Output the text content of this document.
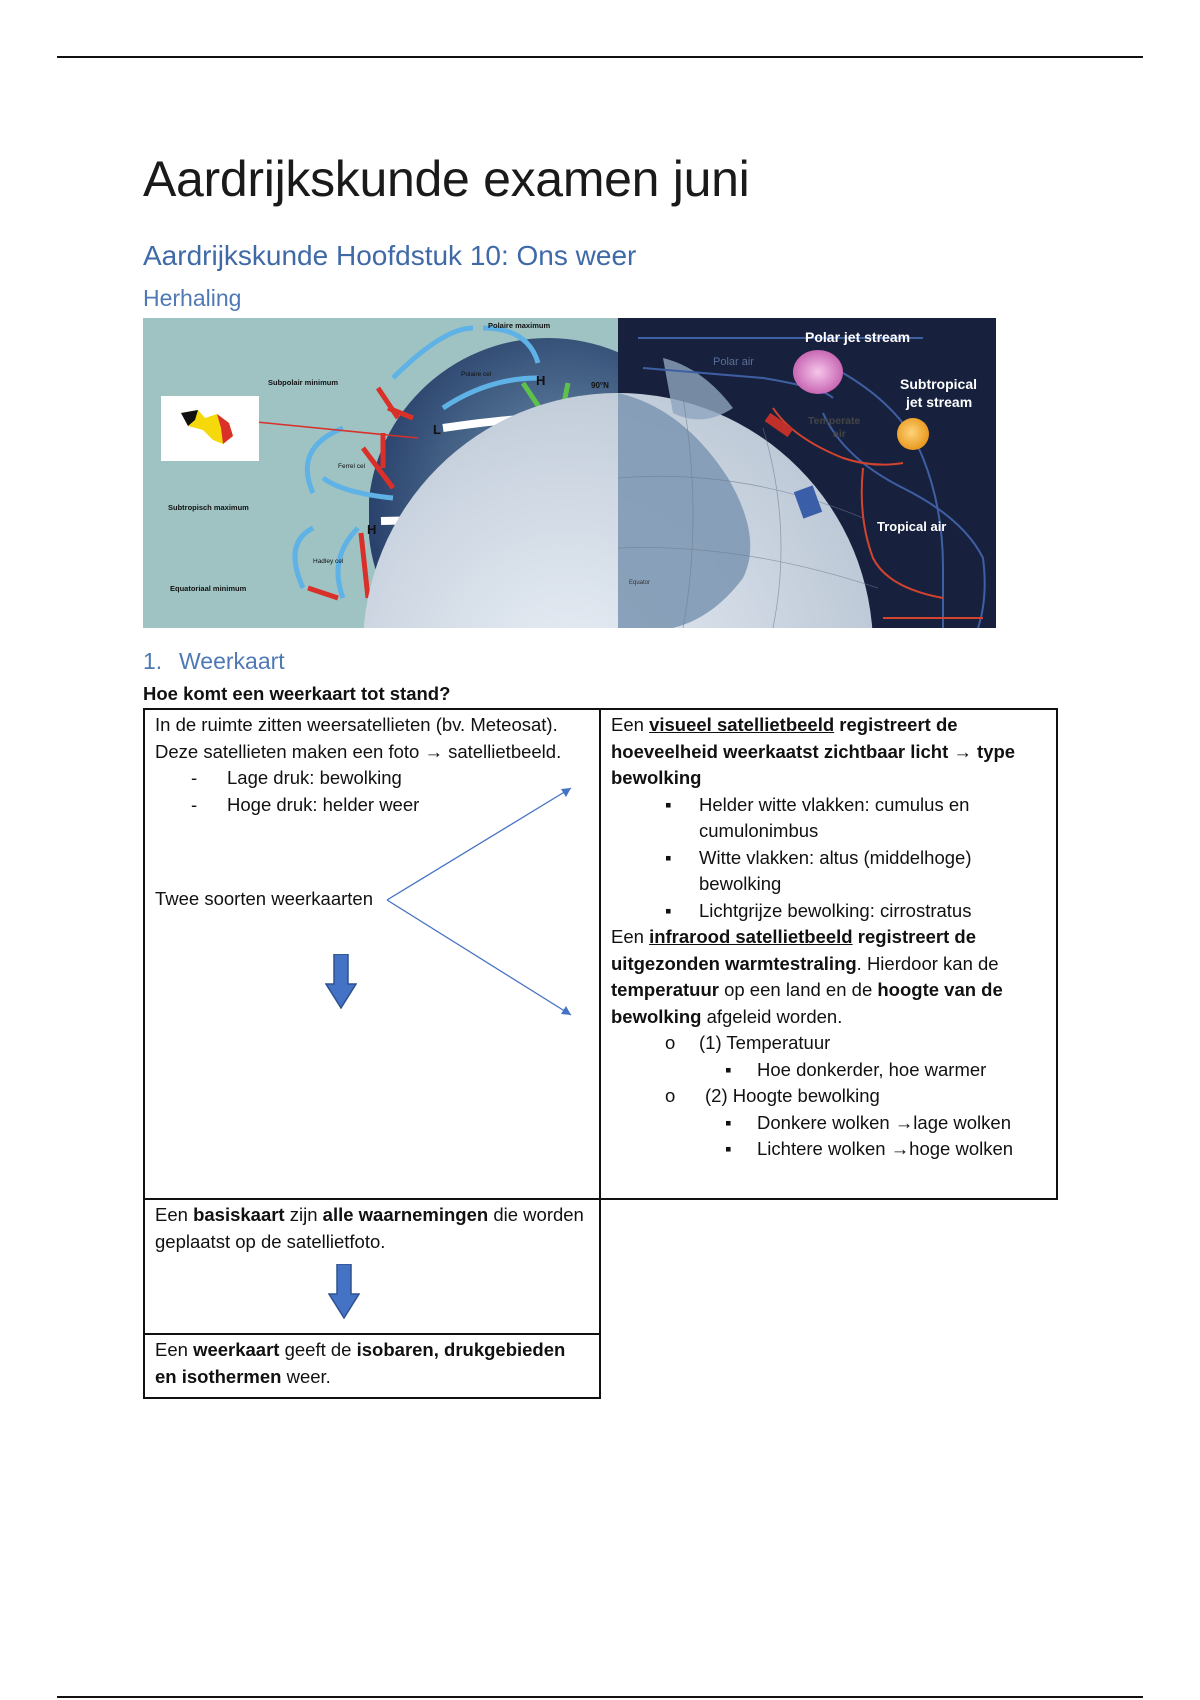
Aardrijkskunde examen juni
Aardrijkskunde Hoofdstuk 10: Ons weer
Herhaling
Polaire maximum
Subpolair minimum
Polaire cel
Ferrel cel
Subtropisch maximum
Hadley cel
Equatoriaal minimum
H
L
H
90°N
Polar jet stream
Subtropical
jet stream
Polar air
Temperate
air
Tropical air
Equator
1. Weerkaart
Hoe komt een weerkaart tot stand?
In de ruimte zitten weersatellieten (bv. Meteosat). Deze satellieten maken een foto → satellietbeeld.
- Lage druk: bewolking
- Hoge druk: helder weer
Twee soorten weerkaarten
Een visueel satellietbeeld registreert de hoeveelheid weerkaatst zichtbaar licht → type bewolking
▪ Helder witte vlakken: cumulus en cumulonimbus
▪ Witte vlakken: altus (middelhoge) bewolking
▪ Lichtgrijze bewolking: cirrostratus
Een infrarood satellietbeeld registreert de uitgezonden warmtestraling. Hierdoor kan de temperatuur op een land en de hoogte van de bewolking afgeleid worden.
o (1) Temperatuur
▪ Hoe donkerder, hoe warmer
o (2) Hoogte bewolking
▪ Donkere wolken →lage wolken
▪ Lichtere wolken →hoge wolken
Een basiskaart zijn alle waarnemingen die worden geplaatst op de satellietfoto.
Een weerkaart geeft de isobaren, drukgebieden en isothermen weer.
